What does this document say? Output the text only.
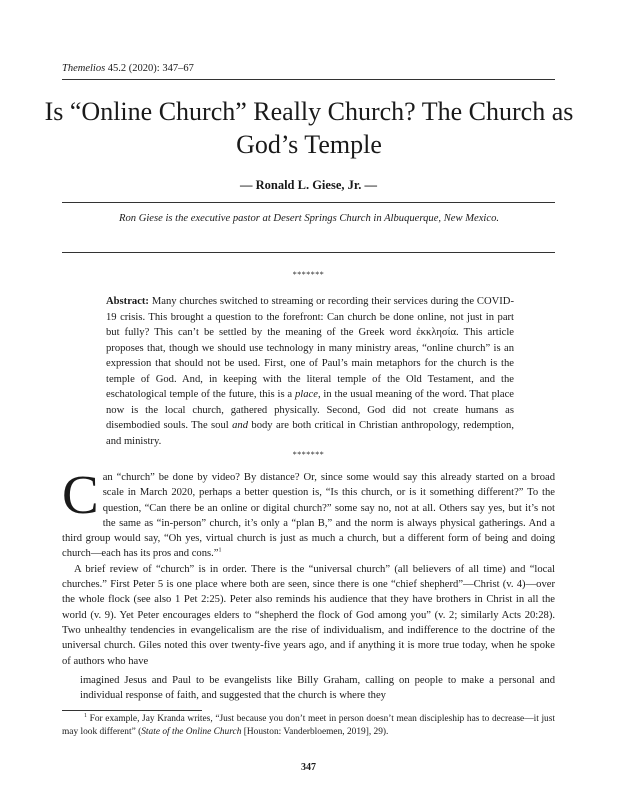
Themelios 45.2 (2020): 347–67
Is “Online Church” Really Church? The Church as God’s Temple
— Ronald L. Giese, Jr. —
Ron Giese is the executive pastor at Desert Springs Church in Albuquerque, New Mexico.
*******

Abstract: Many churches switched to streaming or recording their services during the COVID-19 crisis. This brought a question to the forefront: Can church be done online, not just in part but fully? This can’t be settled by the meaning of the Greek word ἐκκλησία. This article proposes that, though we should use technology in many ministry areas, “online church” is an expression that should not be used. First, one of Paul’s main metaphors for the church is the temple of God. And, in keeping with the literal temple of the Old Testament, and the eschatological temple of the future, this is a place, in the usual meaning of the word. That place now is the local church, gathered physically. Second, God did not create humans as disembodied souls. The soul and body are both critical in Christian anthropology, redemption, and ministry.

*******

Can “church” be done by video? By distance? Or, since some would say this already started on a broad scale in March 2020, perhaps a better question is, “Is this church, or is it something different?” To the question, “Can there be an online or digital church?” some say no, not at all. Others say yes, but it’s not the same as “in-person” church, it’s only a “plan B,” and the norm is always physical gatherings. And a third group would say, “Oh yes, virtual church is just as much a church, but a different form of being and doing church—each has its pros and cons.”$^1$

A brief review of “church” is in order. There is the “universal church” (all believers of all time) and “local churches.” First Peter 5 is one place where both are seen, since there is one “chief shepherd”—Christ (v. 4)—over the whole flock (see also 1 Pet 2:25). Peter also reminds his audience that they have brothers in Christ in all the world (v. 9). Yet Peter encourages elders to “shepherd the flock of God among you” (v. 2; similarly Acts 20:28). Two unhealthy tendencies in evangelicalism are the rise of individualism, and indifference to the doctrine of the universal church. Giles noted this over twenty-five years ago, and if anything it is more true today, when he spoke of authors who have

imagined Jesus and Paul to be evangelists like Billy Graham, calling on people to make a personal and individual response of faith, and suggested that the church is where they

$^1$ For example, Jay Kranda writes, “Just because you don’t meet in person doesn’t mean discipleship has to decrease—it just may look different” (State of the Online Church [Houston: Vanderbloemen, 2019], 29).

347
